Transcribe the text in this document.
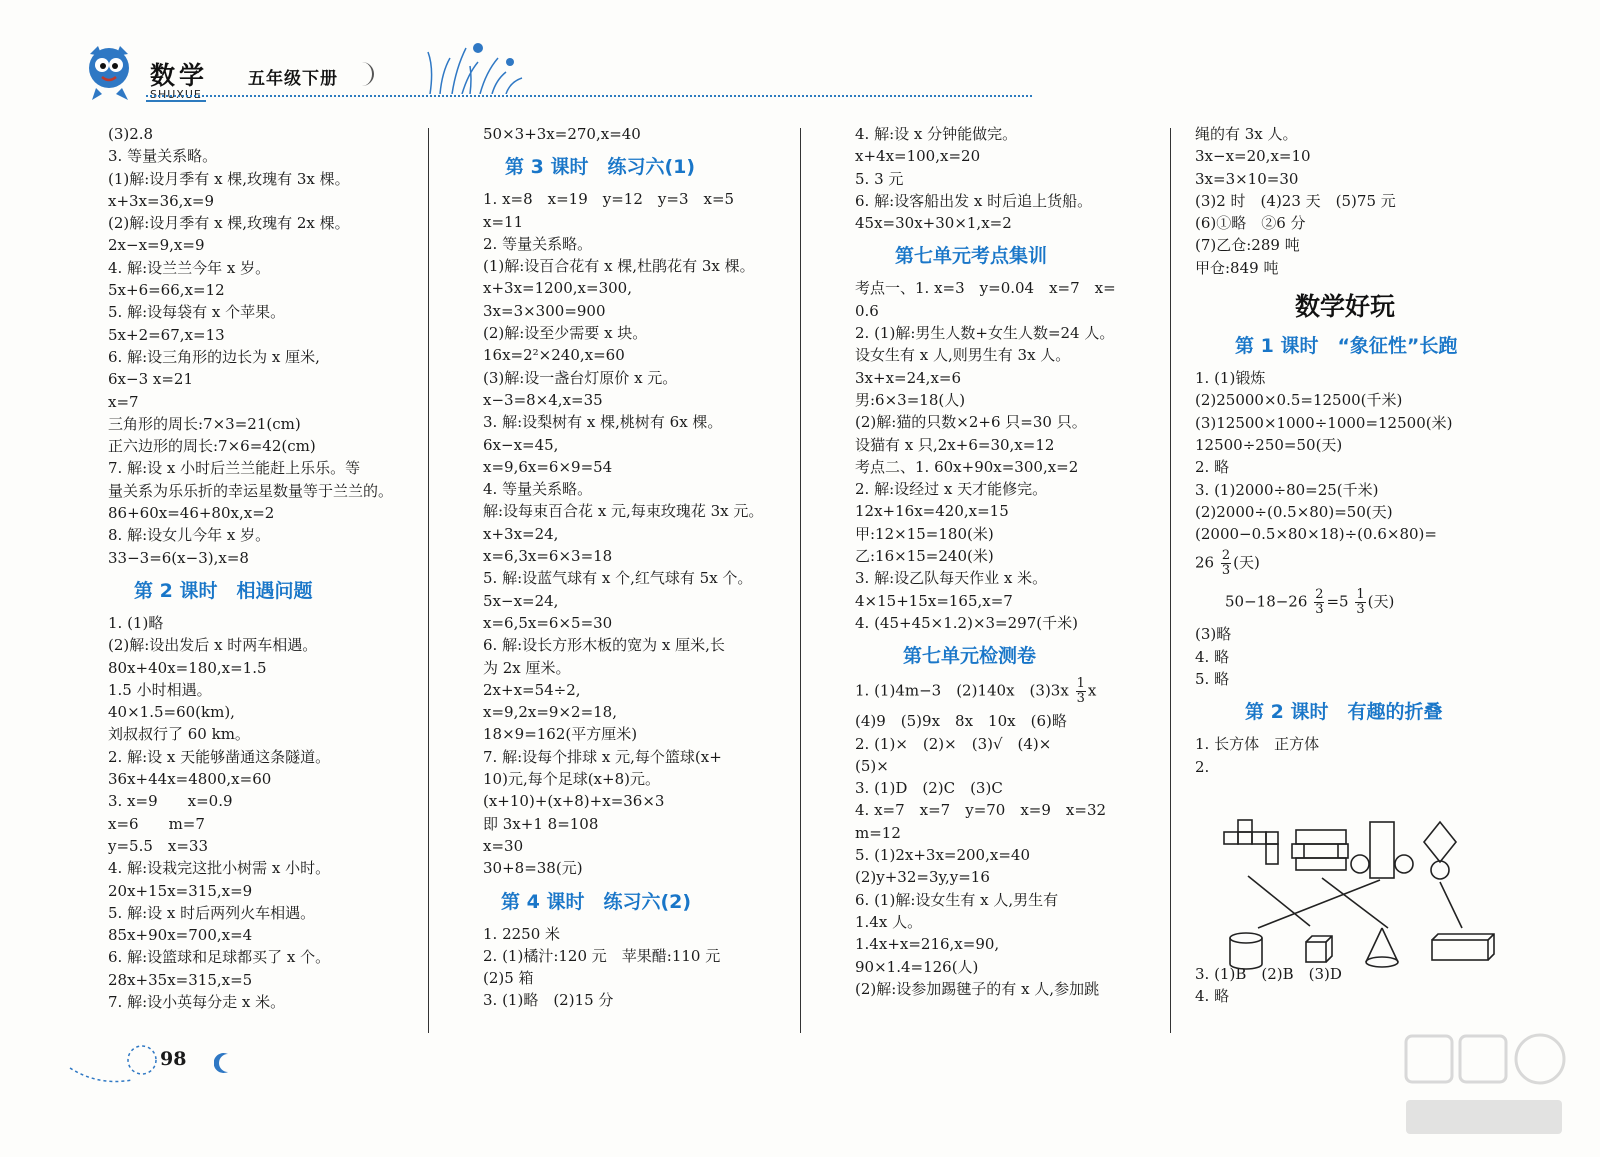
数学
SHUXUE
五年级下册
(3)2.8
3. 等量关系略。
(1)解:设月季有 x 棵,玫瑰有 3x 棵。
x+3x=36,x=9
(2)解:设月季有 x 棵,玫瑰有 2x 棵。
2x−x=9,x=9
4. 解:设兰兰今年 x 岁。
5x+6=66,x=12
5. 解:设每袋有 x 个苹果。
5x+2=67,x=13
6. 解:设三角形的边长为 x 厘米,
6x−3 x=21
x=7
三角形的周长:7×3=21(cm)
正六边形的周长:7×6=42(cm)
7. 解:设 x 小时后兰兰能赶上乐乐。等
量关系为乐乐折的幸运星数量等于兰兰的。
86+60x=46+80x,x=2
8. 解:设女儿今年 x 岁。
33−3=6(x−3),x=8
第 2 课时　相遇问题
1. (1)略
(2)解:设出发后 x 时两车相遇。
80x+40x=180,x=1.5
1.5 小时相遇。
40×1.5=60(km),
刘叔叔行了 60 km。
2. 解:设 x 天能够凿通这条隧道。
36x+44x=4800,x=60
3. x=9　　x=0.9
x=6　　m=7
y=5.5　x=33
4. 解:设栽完这批小树需 x 小时。
20x+15x=315,x=9
5. 解:设 x 时后两列火车相遇。
85x+90x=700,x=4
6. 解:设篮球和足球都买了 x 个。
28x+35x=315,x=5
7. 解:设小英每分走 x 米。
50×3+3x=270,x=40
第 3 课时　练习六(1)
1. x=8　x=19　y=12　y=3　x=5
x=11
2. 等量关系略。
(1)解:设百合花有 x 棵,杜鹃花有 3x 棵。
x+3x=1200,x=300,
3x=3×300=900
(2)解:设至少需要 x 块。
16x=2²×240,x=60
(3)解:设一盏台灯原价 x 元。
x−3=8×4,x=35
3. 解:设梨树有 x 棵,桃树有 6x 棵。
6x−x=45,
x=9,6x=6×9=54
4. 等量关系略。
解:设每束百合花 x 元,每束玫瑰花 3x 元。
x+3x=24,
x=6,3x=6×3=18
5. 解:设蓝气球有 x 个,红气球有 5x 个。
5x−x=24,
x=6,5x=6×5=30
6. 解:设长方形木板的宽为 x 厘米,长
为 2x 厘米。
2x+x=54÷2,
x=9,2x=9×2=18,
18×9=162(平方厘米)
7. 解:设每个排球 x 元,每个篮球(x+
10)元,每个足球(x+8)元。
(x+10)+(x+8)+x=36×3
即 3x+1 8=108
x=30
30+8=38(元)
第 4 课时　练习六(2)
1. 2250 米
2. (1)橘汁:120 元　苹果醋:110 元
(2)5 箱
3. (1)略　(2)15 分
4. 解:设 x 分钟能做完。
x+4x=100,x=20
5. 3 元
6. 解:设客船出发 x 时后追上货船。
45x=30x+30×1,x=2
第七单元考点集训
考点一、1. x=3　y=0.04　x=7　x=
0.6
2. (1)解:男生人数+女生人数=24 人。
设女生有 x 人,则男生有 3x 人。
3x+x=24,x=6
男:6×3=18(人)
(2)解:猫的只数×2+6 只=30 只。
设猫有 x 只,2x+6=30,x=12
考点二、1. 60x+90x=300,x=2
2. 解:设经过 x 天才能修完。
12x+16x=420,x=15
甲:12×15=180(米)
乙:16×15=240(米)
3. 解:设乙队每天作业 x 米。
4×15+15x=165,x=7
4. (45+45×1.2)×3=297(千米)
第七单元检测卷
1. (1)4m−3　(2)140x　$(3)3x \frac{1}{3}$ x
(4)9　(5)9x　8x　10x　(6)略
2. (1)×　(2)×　(3)√　(4)×
(5)×
3. (1)D　(2)C　(3)C
4. x=7　x=7　y=70　x=9　x=32
m=12
5. (1)2x+3x=200,x=40
(2)y+32=3y,y=16
6. (1)解:设女生有 x 人,男生有
1.4x 人。
1.4x+x=216,x=90,
90×1.4=126(人)
(2)解:设参加踢毽子的有 x 人,参加跳
绳的有 3x 人。
3x−x=20,x=10
3x=3×10=30
(3)2 时　(4)23 天　(5)75 元
(6)①略　②6 分
(7)乙仓:289 吨
甲仓:849 吨
数学好玩
第 1 课时　“象征性”长跑
1. (1)锻炼
(2)25000×0.5=12500(千米)
(3)12500×1000÷1000=12500(米)
12500÷250=50(天)
2. 略
3. (1)2000÷80=25(千米)
(2)2000÷(0.5×80)=50(天)
(2000−0.5×80×18)÷(0.6×80)=
$26 \frac{2}{3}$ (天)
$50-18-26 \frac{2}{3} =5 \frac{1}{3}$ (天)
(3)略
4. 略
5. 略
第 2 课时　有趣的折叠
1. 长方体　正方体
2.
3. (1)B　(2)B　(3)D
4. 略
98
